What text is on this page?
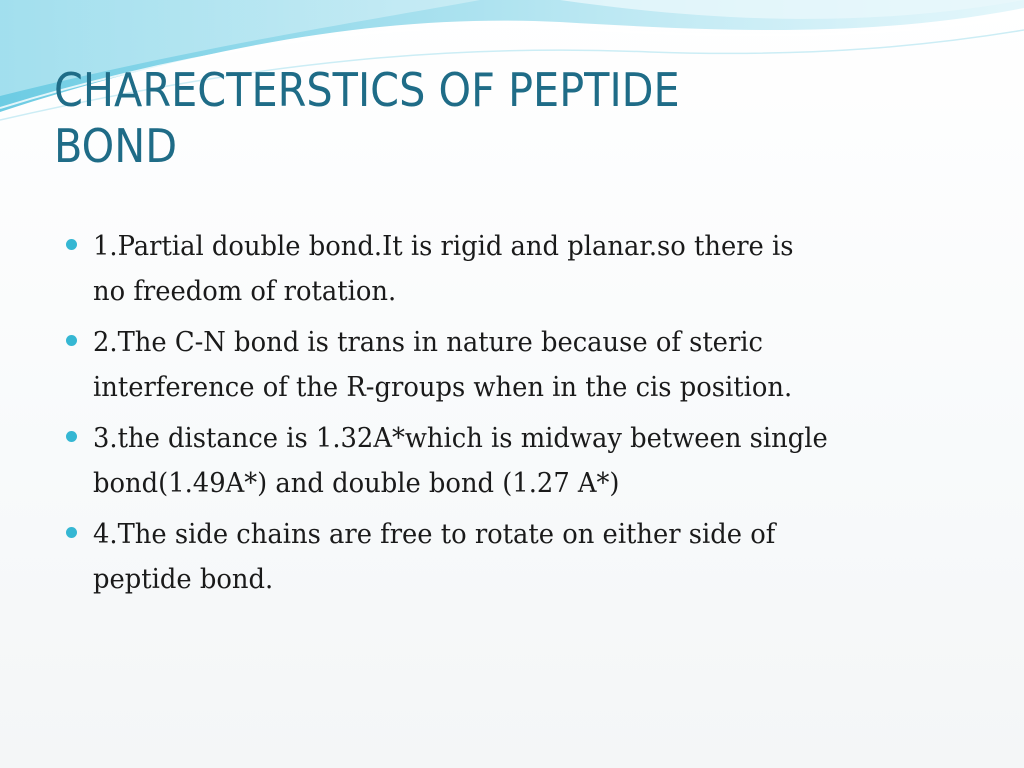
CHARECTERSTICS OF PEPTIDE
BOND
1.Partial double bond.It is rigid and planar.so there is
no freedom of rotation.
2.The C-N bond is trans in nature because of steric
interference of the R-groups when in the cis position.
3.the distance is 1.32A*which is midway between single
bond(1.49A*) and double bond (1.27 A*)
4.The side chains are free to rotate on either side of
peptide bond.
